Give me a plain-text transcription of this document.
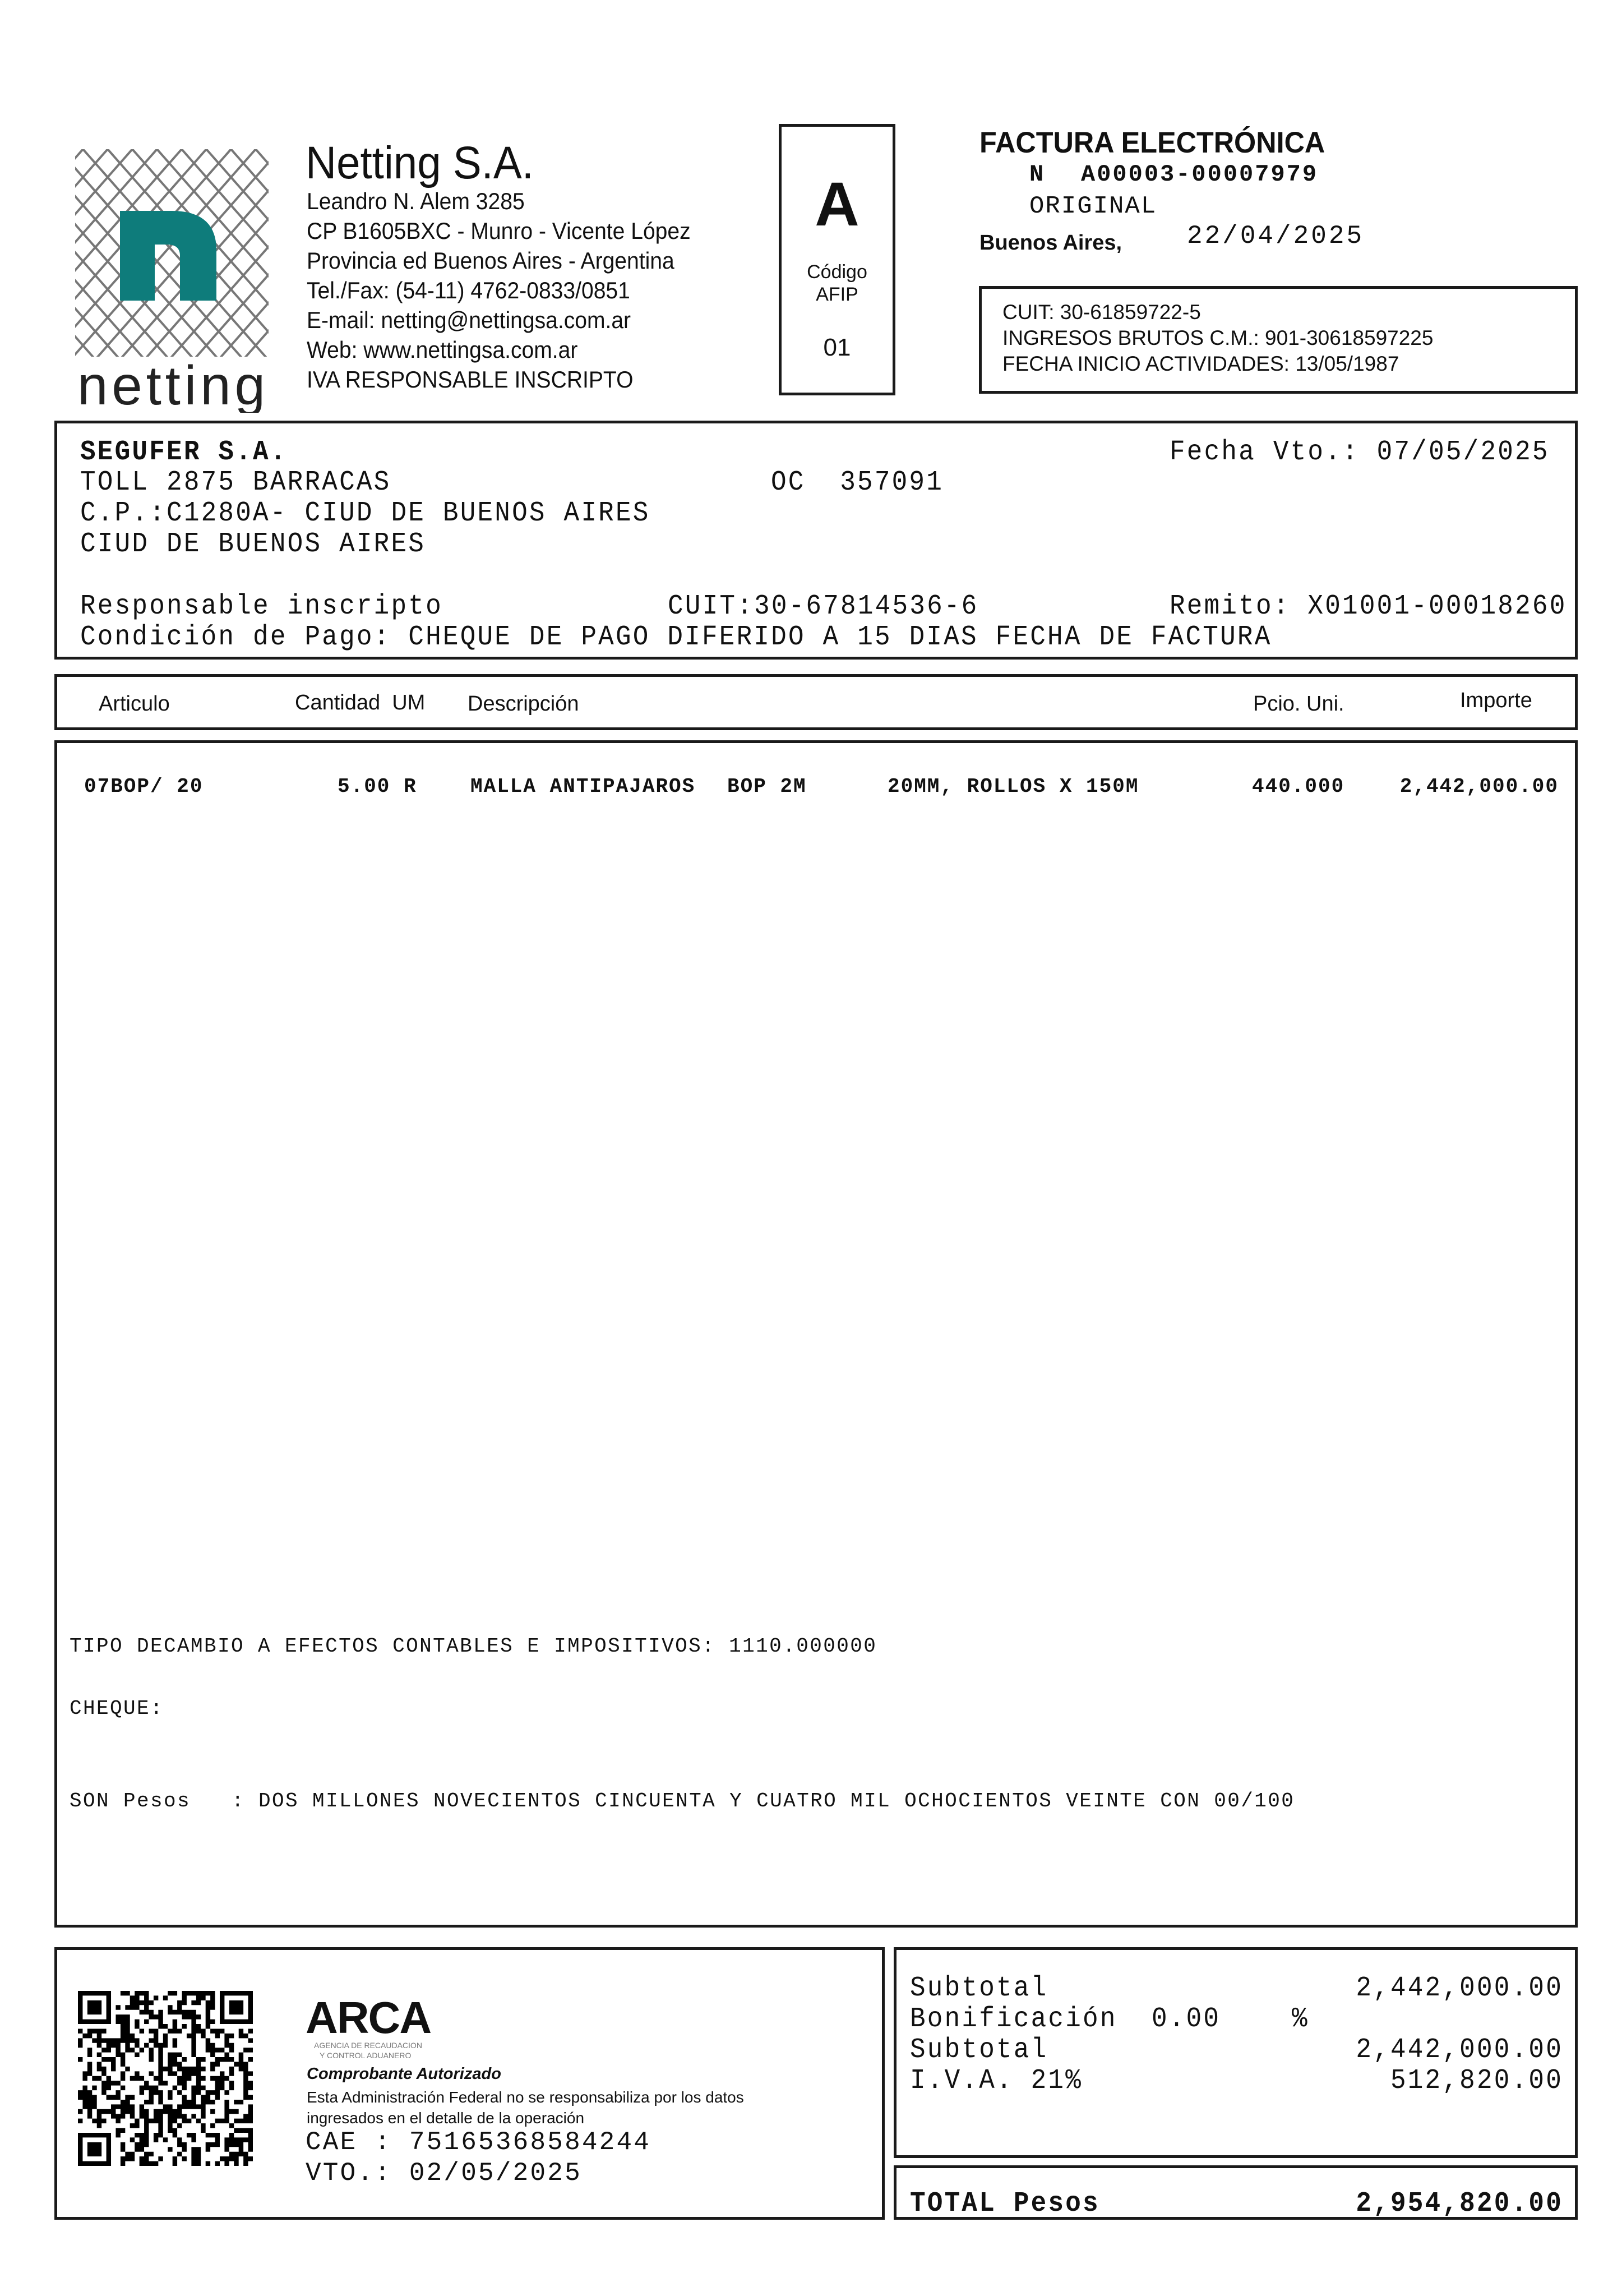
netting

Netting S.A.
Leandro N. Alem 3285
CP B1605BXC - Munro - Vicente López
Provincia ed Buenos Aires - Argentina
Tel./Fax: (54-11) 4762-0833/0851
E-mail: netting@nettingsa.com.ar
Web: www.nettingsa.com.ar
IVA RESPONSABLE INSCRIPTO
A
Código
AFIP
01
FACTURA ELECTRÓNICA
N A00003-00007979
ORIGINAL
Buenos Aires,	22/04/2025
CUIT: 30-61859722-5
INGRESOS BRUTOS C.M.: 901-30618597225
FECHA INICIO ACTIVIDADES: 13/05/1987
SEGUFER S.A.	Fecha Vto.: 07/05/2025
TOLL 2875 BARRACAS	OC  357091
C.P.:C1280A- CIUD DE BUENOS AIRES
CIUD DE BUENOS AIRES
Responsable inscripto	CUIT:30-67814536-6	Remito: X01001-00018260
Condición de Pago: CHEQUE DE PAGO DIFERIDO A 15 DIAS FECHA DE FACTURA
Articulo	Cantidad  UM Descripción	Pcio. Uni.	Importe
07BOP/ 20	5.00 R	MALLA ANTIPAJAROS BOP 2M	20MM, ROLLOS X 150M	440.000	2,442,000.00
TIPO DECAMBIO A EFECTOS CONTABLES E IMPOSITIVOS: 1110.000000
CHEQUE:
SON Pesos : DOS MILLONES NOVECIENTOS CINCUENTA Y CUATRO MIL OCHOCIENTOS VEINTE CON 00/100
ARCA
AGENCIA DE RECAUDACION
Y CONTROL ADUANERO
Comprobante Autorizado
Esta Administración Federal no se responsabiliza por los datos
ingresados en el detalle de la operación
CAE : 75165368584244
VTO.: 02/05/2025
Subtotal	2,442,000.00
Bonificación 0.00	%
Subtotal	2,442,000.00
I.V.A. 21%	512,820.00
TOTAL Pesos	2,954,820.00
